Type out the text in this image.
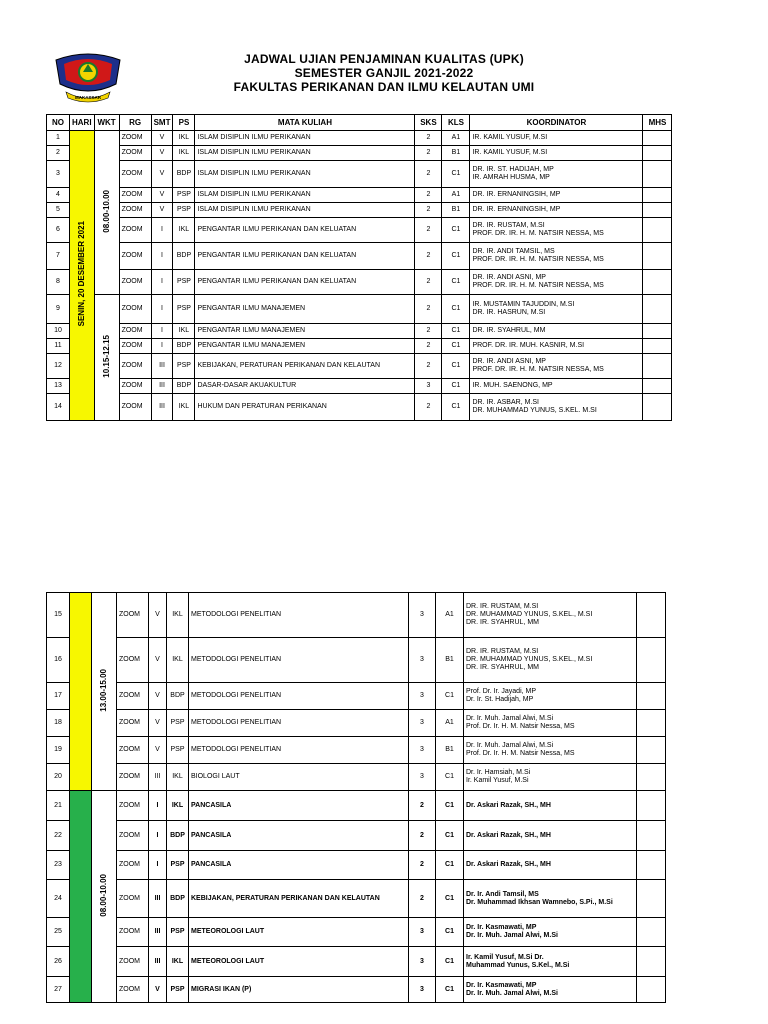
MAKASSAR
JADWAL UJIAN PENJAMINAN KUALITAS (UPK)
SEMESTER GANJIL 2021-2022
FAKULTAS PERIKANAN DAN ILMU KELAUTAN UMI
NO	HARI	WKT	RG	SMT	PS	MATA KULIAH	SKS	KLS	KOORDINATOR	MHS
1	SENIN, 20 DESEMBER 2021	08.00-10.00	ZOOM	V	IKL	ISLAM DISIPLIN ILMU PERIKANAN	2	A1	IR. KAMIL YUSUF, M.SI	

2			ZOOM	V	IKL	ISLAM DISIPLIN ILMU PERIKANAN	2	B1	IR. KAMIL YUSUF, M.SI	

3			ZOOM	V	BDP	ISLAM DISIPLIN ILMU PERIKANAN	2	C1	DR. IR. ST. HADIJAH, MP
IR. AMRAH HUSMA, MP	

4			ZOOM	V	PSP	ISLAM DISIPLIN ILMU PERIKANAN	2	A1	DR. IR. ERNANINGSIH, MP	

5			ZOOM	V	PSP	ISLAM DISIPLIN ILMU PERIKANAN	2	B1	DR. IR. ERNANINGSIH, MP	

6			ZOOM	I	IKL	PENGANTAR ILMU PERIKANAN DAN KELUATAN	2	C1	DR. IR. RUSTAM, M.SI
PROF. DR. IR. H. M. NATSIR NESSA, MS	

7			ZOOM	I	BDP	PENGANTAR ILMU PERIKANAN DAN KELUATAN	2	C1	DR. IR. ANDI TAMSIL, MS
PROF. DR. IR. H. M. NATSIR NESSA, MS	

8			ZOOM	I	PSP	PENGANTAR ILMU PERIKANAN DAN KELUATAN	2	C1	DR. IR. ANDI ASNI, MP
PROF. DR. IR. H. M. NATSIR NESSA, MS	

9		10.15-12.15	ZOOM	I	PSP	PENGANTAR ILMU MANAJEMEN	2	C1	IR. MUSTAMIN TAJUDDIN, M.SI
DR. IR. HASRUN, M.SI	

10			ZOOM	I	IKL	PENGANTAR ILMU MANAJEMEN	2	C1	DR. IR. SYAHRUL, MM	

11			ZOOM	I	BDP	PENGANTAR ILMU MANAJEMEN	2	C1	PROF. DR. IR. MUH. KASNIR, M.SI	

12			ZOOM	III	PSP	KEBIJAKAN, PERATURAN PERIKANAN DAN KELAUTAN	2	C1	DR. IR. ANDI ASNI, MP
PROF. DR. IR. H. M. NATSIR NESSA, MS	

13			ZOOM	III	BDP	DASAR-DASAR AKUAKULTUR	3	C1	IR. MUH. SAENONG, MP	

14			ZOOM	III	IKL	HUKUM DAN PERATURAN PERIKANAN	2	C1	DR. IR. ASBAR, M.SI
DR. MUHAMMAD YUNUS, S.KEL. M.SI	

15		13.00-15.00	ZOOM	V	IKL	METODOLOGI PENELITIAN	3	A1	DR. IR. RUSTAM, M.SI
DR. MUHAMMAD YUNUS, S.KEL., M.SI
DR. IR. SYAHRUL, MM	

16			ZOOM	V	IKL	METODOLOGI PENELITIAN	3	B1	DR. IR. RUSTAM, M.SI
DR. MUHAMMAD YUNUS, S.KEL., M.SI
DR. IR. SYAHRUL, MM	

17			ZOOM	V	BDP	METODOLOGI PENELITIAN	3	C1	Prof. Dr. Ir. Jayadi, MP
Dr. Ir. St. Hadijah, MP	

18			ZOOM	V	PSP	METODOLOGI PENELITIAN	3	A1	Dr. Ir. Muh. Jamal Alwi, M.Si
Prof. Dr. Ir. H. M. Natsir Nessa, MS	

19			ZOOM	V	PSP	METODOLOGI PENELITIAN	3	B1	Dr. Ir. Muh. Jamal Alwi, M.Si
Prof. Dr. Ir. H. M. Natsir Nessa, MS	

20			ZOOM	III	IKL	BIOLOGI LAUT	3	C1	Dr. Ir. Hamsiah, M.Si
Ir. Kamil Yusuf, M.Si	

21		08.00-10.00	ZOOM	I	IKL	PANCASILA	2	C1	Dr. Askari Razak, SH., MH	

22			ZOOM	I	BDP	PANCASILA	2	C1	Dr. Askari Razak, SH., MH	

23			ZOOM	I	PSP	PANCASILA	2	C1	Dr. Askari Razak, SH., MH	

24			ZOOM	III	BDP	KEBIJAKAN, PERATURAN PERIKANAN DAN KELAUTAN	2	C1	Dr. Ir. Andi Tamsil, MS
Dr. Muhammad Ikhsan Wamnebo, S.Pi., M.Si	

25			ZOOM	III	PSP	METEOROLOGI LAUT	3	C1	Dr. Ir. Kasmawati, MP
Dr. Ir. Muh. Jamal Alwi, M.Si	

26			ZOOM	III	IKL	METEOROLOGI LAUT	3	C1	Ir. Kamil Yusuf, M.Si Dr.
Muhammad Yunus, S.Kel., M.Si	

27			ZOOM	V	PSP	MIGRASI IKAN (P)	3	C1	Dr. Ir. Kasmawati, MP
Dr. Ir. Muh. Jamal Alwi, M.Si	
